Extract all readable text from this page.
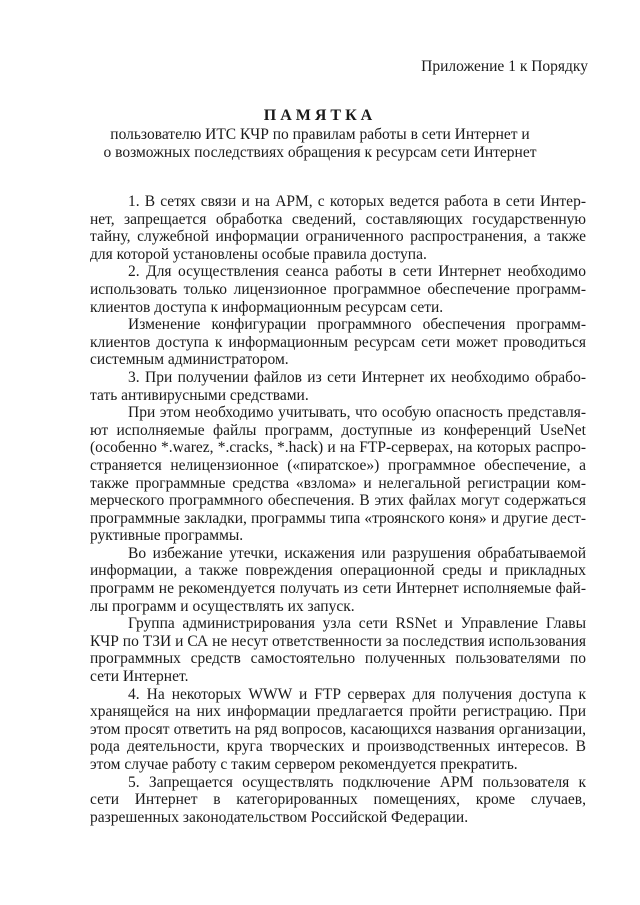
Приложение 1 к Порядку
ПАМЯТКА
пользователю ИТС КЧР по правилам работы в сети Интернет и
о возможных последствиях обращения к ресурсам сети Интернет

1. В сетях связи и на АРМ, с которых ведется работа в сети Интернет, запрещается обработка сведений, составляющих государственную тайну, служебной информации ограниченного распространения, а также для которой установлены особые правила доступа.

2. Для осуществления сеанса работы в сети Интернет необходимо использовать только лицензионное программное обеспечение программклиентов доступа к информационным ресурсам сети.

Изменение конфигурации программного обеспечения программклиентов доступа к информационным ресурсам сети может проводиться системным администратором.

3. При получении файлов из сети Интернет их необходимо обработать антивирусными средствами.

При этом необходимо учитывать, что особую опасность представляют исполняемые файлы программ, доступные из конференций UseNet (особенно *.warez, *.cracks, *.hack) и на FTP-серверах, на которых распространяется нелицензионное («пиратское») программное обеспечение, а также программные средства «взлома» и нелегальной регистрации коммерческого программного обеспечения. В этих файлах могут содержаться программные закладки, программы типа «троянского коня» и другие деструктивные программы.

Во избежание утечки, искажения или разрушения обрабатываемой информации, а также повреждения операционной среды и прикладных программ не рекомендуется получать из сети Интернет исполняемые файлы программ и осуществлять их запуск.

Группа администрирования узла сети RSNet и Управление Главы КЧР по ТЗИ и СА не несут ответственности за последствия использования программных средств самостоятельно полученных пользователями по сети Интернет.

4. На некоторых WWW и FTP серверах для получения доступа к хранящейся на них информации предлагается пройти регистрацию. При этом просят ответить на ряд вопросов, касающихся названия организации, рода деятельности, круга творческих и производственных интересов. В этом случае работу с таким сервером рекомендуется прекратить.

5. Запрещается осуществлять подключение АРМ пользователя к сети Интернет в категорированных помещениях, кроме случаев, разрешенных законодательством Российской Федерации.
